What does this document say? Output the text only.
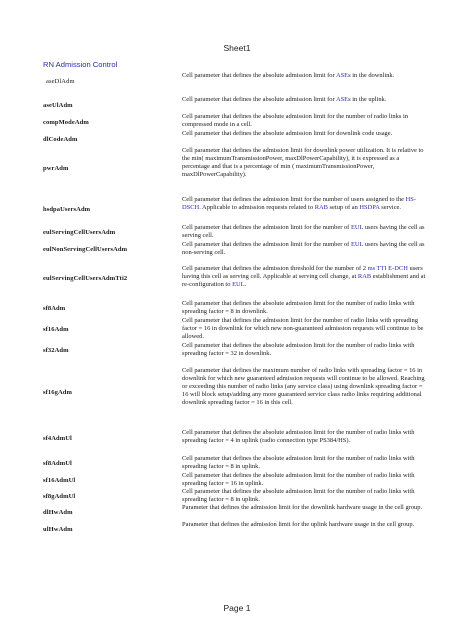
Sheet1
RN Admission Control
aseDlAdm
Cell parameter that defines the absolute admission limit for ASEs in the downlink.
aseUlAdm
Cell parameter that defines the absolute admission limit for ASEs in the uplink.
compModeAdm
Cell parameter that defines the absolute admission limit for the number of radio links in compressed mode in a cell.
dlCodeAdm
Cell parameter that defines the absolute admission limit for downlink code usage.
pwrAdm
Cell parameter that defines the admission limit for downlink power utilization. It is relative to the min( maximumTransmissionPower, maxDlPowerCapability), it is expressed as a percentage and that is a percentage of min ( maximumTransmissionPower, maxDlPowerCapability).
hsdpaUsersAdm
Cell parameter that defines the admission limit for the number of users assigned to the HS-DSCH. Applicable to admission requests related to RAB setup of an HSDPA service.
eulServingCellUsersAdm
Cell parameter that defines the admission limit for the number of EUL users having the cell as serving cell.
eulNonServingCellUsersAdm
Cell parameter that defines the admission limit for the number of EUL users having the cell as non-serving cell.
eulServingCellUsersAdmTti2
Cell parameter that defines the admission threshold for the number of 2 ms TTI E-DCH users having this cell as serving cell. Applicable at serving cell change, at RAB establishment and at re-configuration to EUL.
sf8Adm
Cell parameter that defines the absolute admission limit for the number of radio links with spreading factor = 8 in downlink.
sf16Adm
Cell parameter that defines the admission limit for the number of radio links with spreading factor = 16 in downlink for which new non-guaranteed admission requests will continue to be allowed.
sf32Adm
Cell parameter that defines the absolute admission limit for the number of radio links with spreading factor = 32 in downlink.
sf16gAdm
Cell parameter that defines the maximum number of radio links with spreading factor = 16 in downlink for which new guaranteed admission requests will continue to be allowed. Reaching or exceeding this number of radio links (any service class) using downlink spreading factor = 16 will block setup/adding any more guaranteed service class radio links requiring additional downlink spreading factor = 16 in this cell.
sf4AdmUl
Cell parameter that defines the absolute admission limit for the number of radio links with spreading factor = 4 in uplink (radio connection type PS384/HS).
sf8AdmUl
Cell parameter that defines the absolute admission limit for the number of radio links with spreading factor = 8 in uplink.
sf16AdmUl
Cell parameter that defines the absolute admission limit for the number of radio links with spreading factor = 16 in uplink.
sf8gAdmUl
Cell parameter that defines the absolute admission limit for the number of radio links with spreading factor = 8 in uplink.
dlHwAdm
Parameter that defines the admission limit for the downlink hardware usage in the cell group.
ulHwAdm
Parameter that defines the admission limit for the uplink hardware usage in the cell group.
Page 1
